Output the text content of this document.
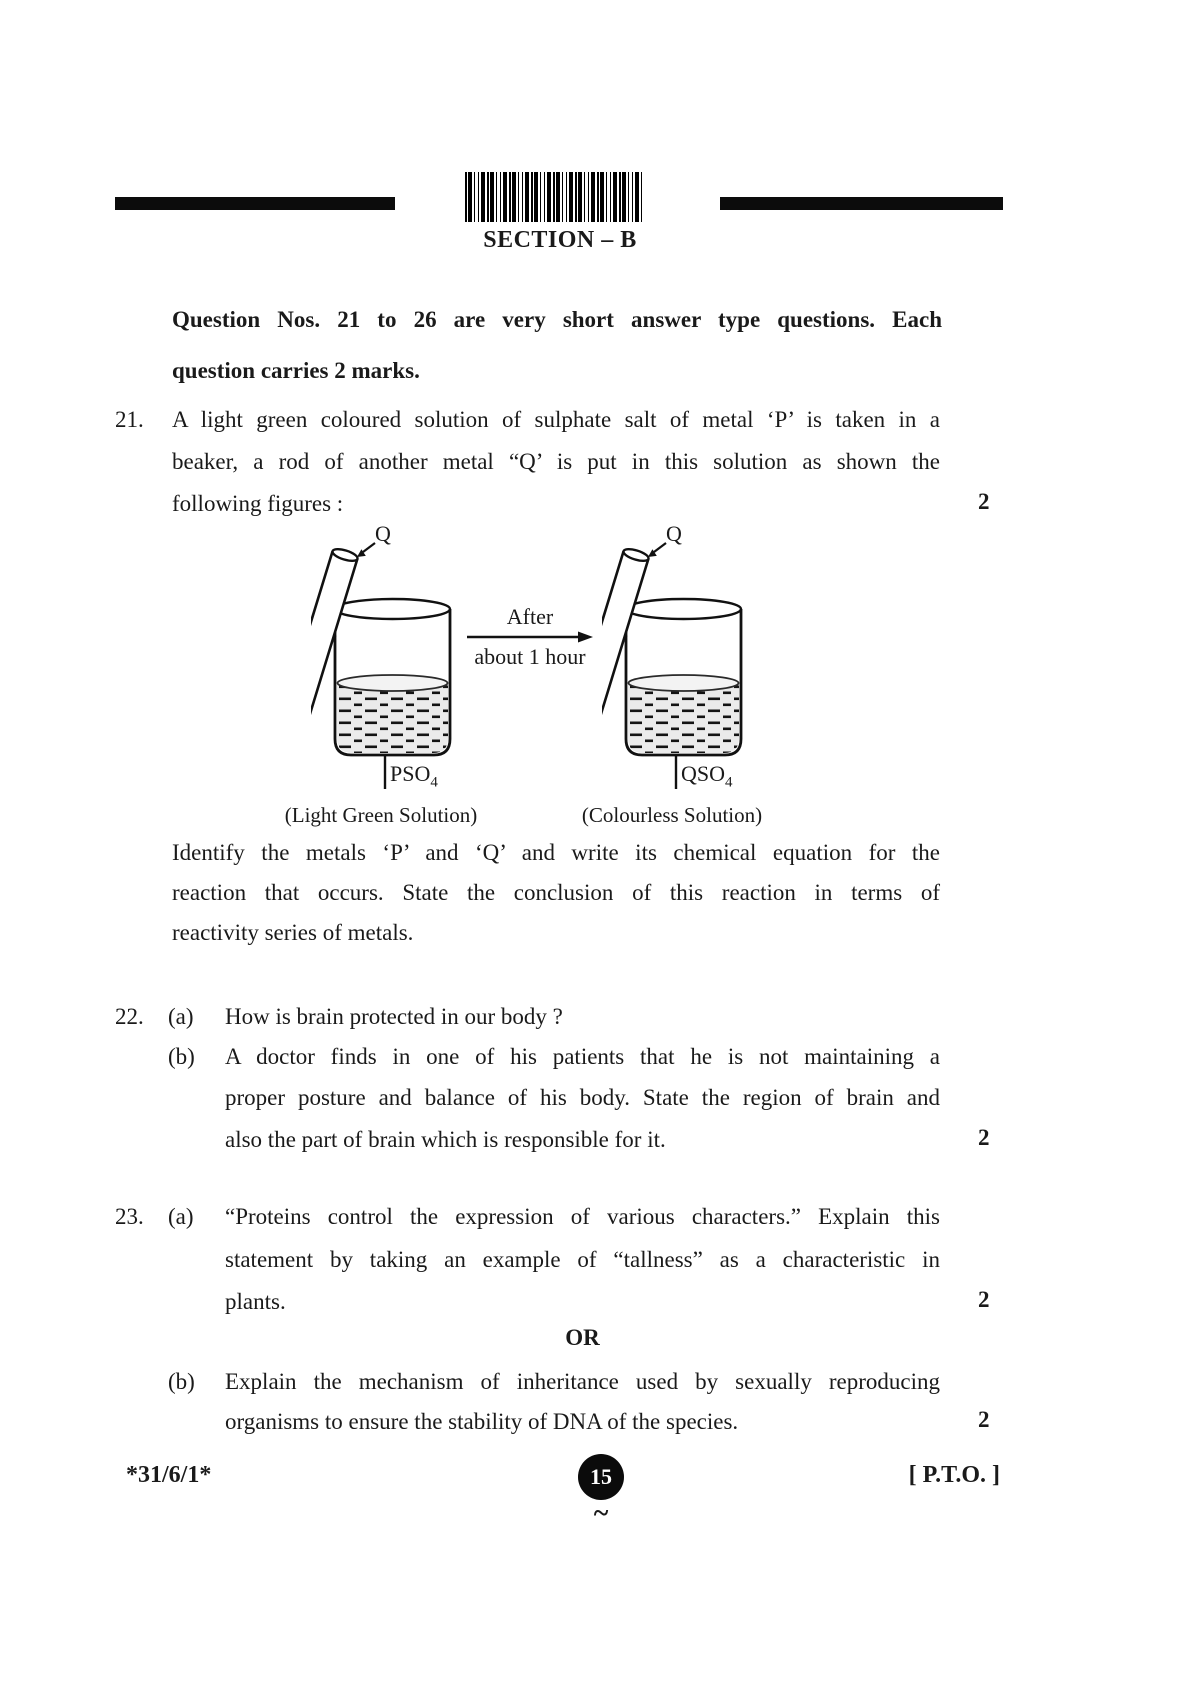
SECTION – B
Question Nos. 21 to 26 are very short answer type questions. Each
question carries 2 marks.
21. A light green coloured solution of sulphate salt of metal ‘P’ is taken in a
beaker, a rod of another metal “Q’ is put in this solution as shown the
following figures :	2
Q
$PSO_4$
(Light Green Solution)
After
about 1 hour
Q
$QSO_4$
(Colourless Solution)
Identify the metals ‘P’ and ‘Q’ and write its chemical equation for the
reaction that occurs. State the conclusion of this reaction in terms of
reactivity series of metals.
22. (a) How is brain protected in our body ?
(b) A doctor finds in one of his patients that he is not maintaining a
proper posture and balance of his body. State the region of brain and
also the part of brain which is responsible for it.	2
23. (a) “Proteins control the expression of various characters.” Explain this
statement by taking an example of “tallness” as a characteristic in
plants.	2
OR
(b) Explain the mechanism of inheritance used by sexually reproducing
organisms to ensure the stability of DNA of the species.	2
*31/6/1*	15	[ P.T.O. ]
~
